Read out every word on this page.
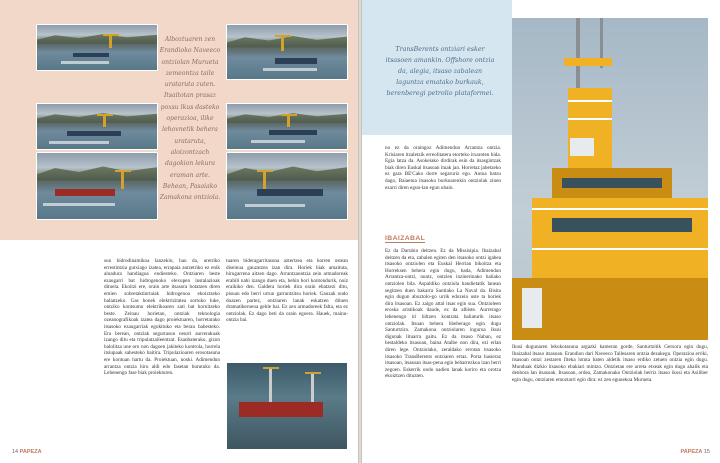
Alboztuaren zen Erandioko Naveeco ontziolan Murueta zemeontza taile urataruta zuten. Itsaitotan prasaz poxsu lkus dasteko operazioa, ilike lehovnetik behera urataruta, aloizontzach dagokion lekura eraman arte. Behean, Pasaiako Zamakona ontziola.
sun hidrodinamikoa lanzekin, hau da, uretriko errestintzia gutxiago izatea, errapaia autzetriko ez enik aluadura handiagoa endiesteko. Ontziaren beste ezaugarri bat hidrogenoko elexupen instalazioak dituela. Ekoitzi ere, orain arte itsasora botatzen diren emien sobretaktinrtaiak hidrogenoa ekoiztzeko baliatzeko. Gas honek elektrizitatea sortuko luke, ontziko kontsumo elektrikoaren zati bat hornitzeko beste. Zeinau horietan, ontziak teknologia ozeanografikoak izatea dago proiektuaren, horretarako itsasoko ezaugarriak egokituko eta berau babesteko. Era berean, ontziak segurtasun neurri aurrerakuak izango ditu eta tripulatzaileentzat. Esanbaterako, gizon balolitza une oro non dagoen jakiteko kontrola, horrela itsiupaak sahesteko baitira. Tripulazioaren erosotasuna ere kontuan hartu da. Proiektuan, noski. Adimendun arrantza ontzia hiru aldi edo fasetan burutuko da. Lehenengo fase biak proiekturen.
tuaren bideragarritasuna aztertzea eta horren ostean diseinua gauzatzea izan dira. Horiek biak amaituta, hirugarrena aitzen dago. Arrantzaontzia zein armadoreak erabili nahi izango duen eta, behin hori kontondurik, noiz eraikiko den. Galdera horiek dira orain ebatzezi ditu, pisuan edo berri urrun garrantzitsu horiek. Gauzak ondo doazen partez, ontziaren lanak eskatzen dituen dramatikeroena gehle bai. Ez zen armadoreek falta, eta ez ontziolak. Ez dago beti da orain egoera. Hauek, mainu-ontzia bai.
14 PAPEZA
TransBerents ontziari esker itsasoen amankin. Offshore ontzia da, alegia, itsaso zabalean laguntza ematako burkauk, berenberegi petrolio plataformei.
no ez da oraingoz Adimendun Arrantza ontzia. Krisiaren itzaletzik erreolitatera etorteko itxaroten bida. Egia latza da. Asokeiako dirdirak esin da itsasgintzak biak diren Euskal itsasoan ituak jan. Horretaz jabetzeko ez gara BE'Cako dorre segaruriz ego. Autoa batzu dago, Baiaetua itsasoko burkoarenkin ontziolak zinen ezarri diren egun-lan egun uhain.
IBAIZABAL
Ez da Darubio deitzen. Ez da Missisipia. Ibaizabal deitzen da eta, zabalen egiten den itsasoko ontzi igabea itsasoko ontziolen eta Euskal Herrian bikoitza eta Horreksen behera egin dugu, bada, Adimendun Arrantza-ontzi, nuntz, ontzien inzinerinako baliako ontziolen bila. Aspaldiko ontziola handietatik lanean segitzen duen bakarra Santiako La Naval da. Bisita egin dugun abuztolo-go urrik edozein uste ta horiek dira itsasoan. Ez zaigo attal itsas egin sua. Ontzioleen eroska aristikoak daude, ez da albiste. Aurrerago lehenengo iri hiltzen kontrata baliaturik itsaso ontziolak. Itsuan behera hbeberago egin dugu Santurtzira. Zamakona ontziolaren ingurua ikusi digunak lituarra gaitu. Ez da itsaso Naban, ez bestaldeko itsasoan, baina Atalbe non dira, ezi erlan diren lege. Ontziolako, zeraldako errotan itsasoko itsasoko TransBerents ontziaren ertaz. Porta hasieraz itsasoan, itsasoan itsas-pena egin beharrezkoa izan berri zegoen. Eskerrik ondo nadien lanak koriro eta orotza ekoiztzen dituzten.
Ikusi dugunaren lekukotasuna argazki kameran gorde, Santurtzitik Getxora egin dugu, Ibaizabal itsaso itsasoan. Erandion dari Naveeco Tallesaren ontzia dezakegu. Operazioa erriki, itsasoan ontzi zestaren fiteka lotuta baten aldetik itsaso erdiko zetuen ontzia egin dugu. Munduak dizkio itsasoko ebakiari mintzo. Ontzietan ere arreta etxeak egin dugu ahalik eta denbora lan itsasoak. Itsasoan, ordea, Zamakonako Ontziolak berriz itsaso ikusi eta Asiliber egin dugu, ontziaren emoztarri egin dira: ez zen egunekoa Murueta.
PAPEZA 15
